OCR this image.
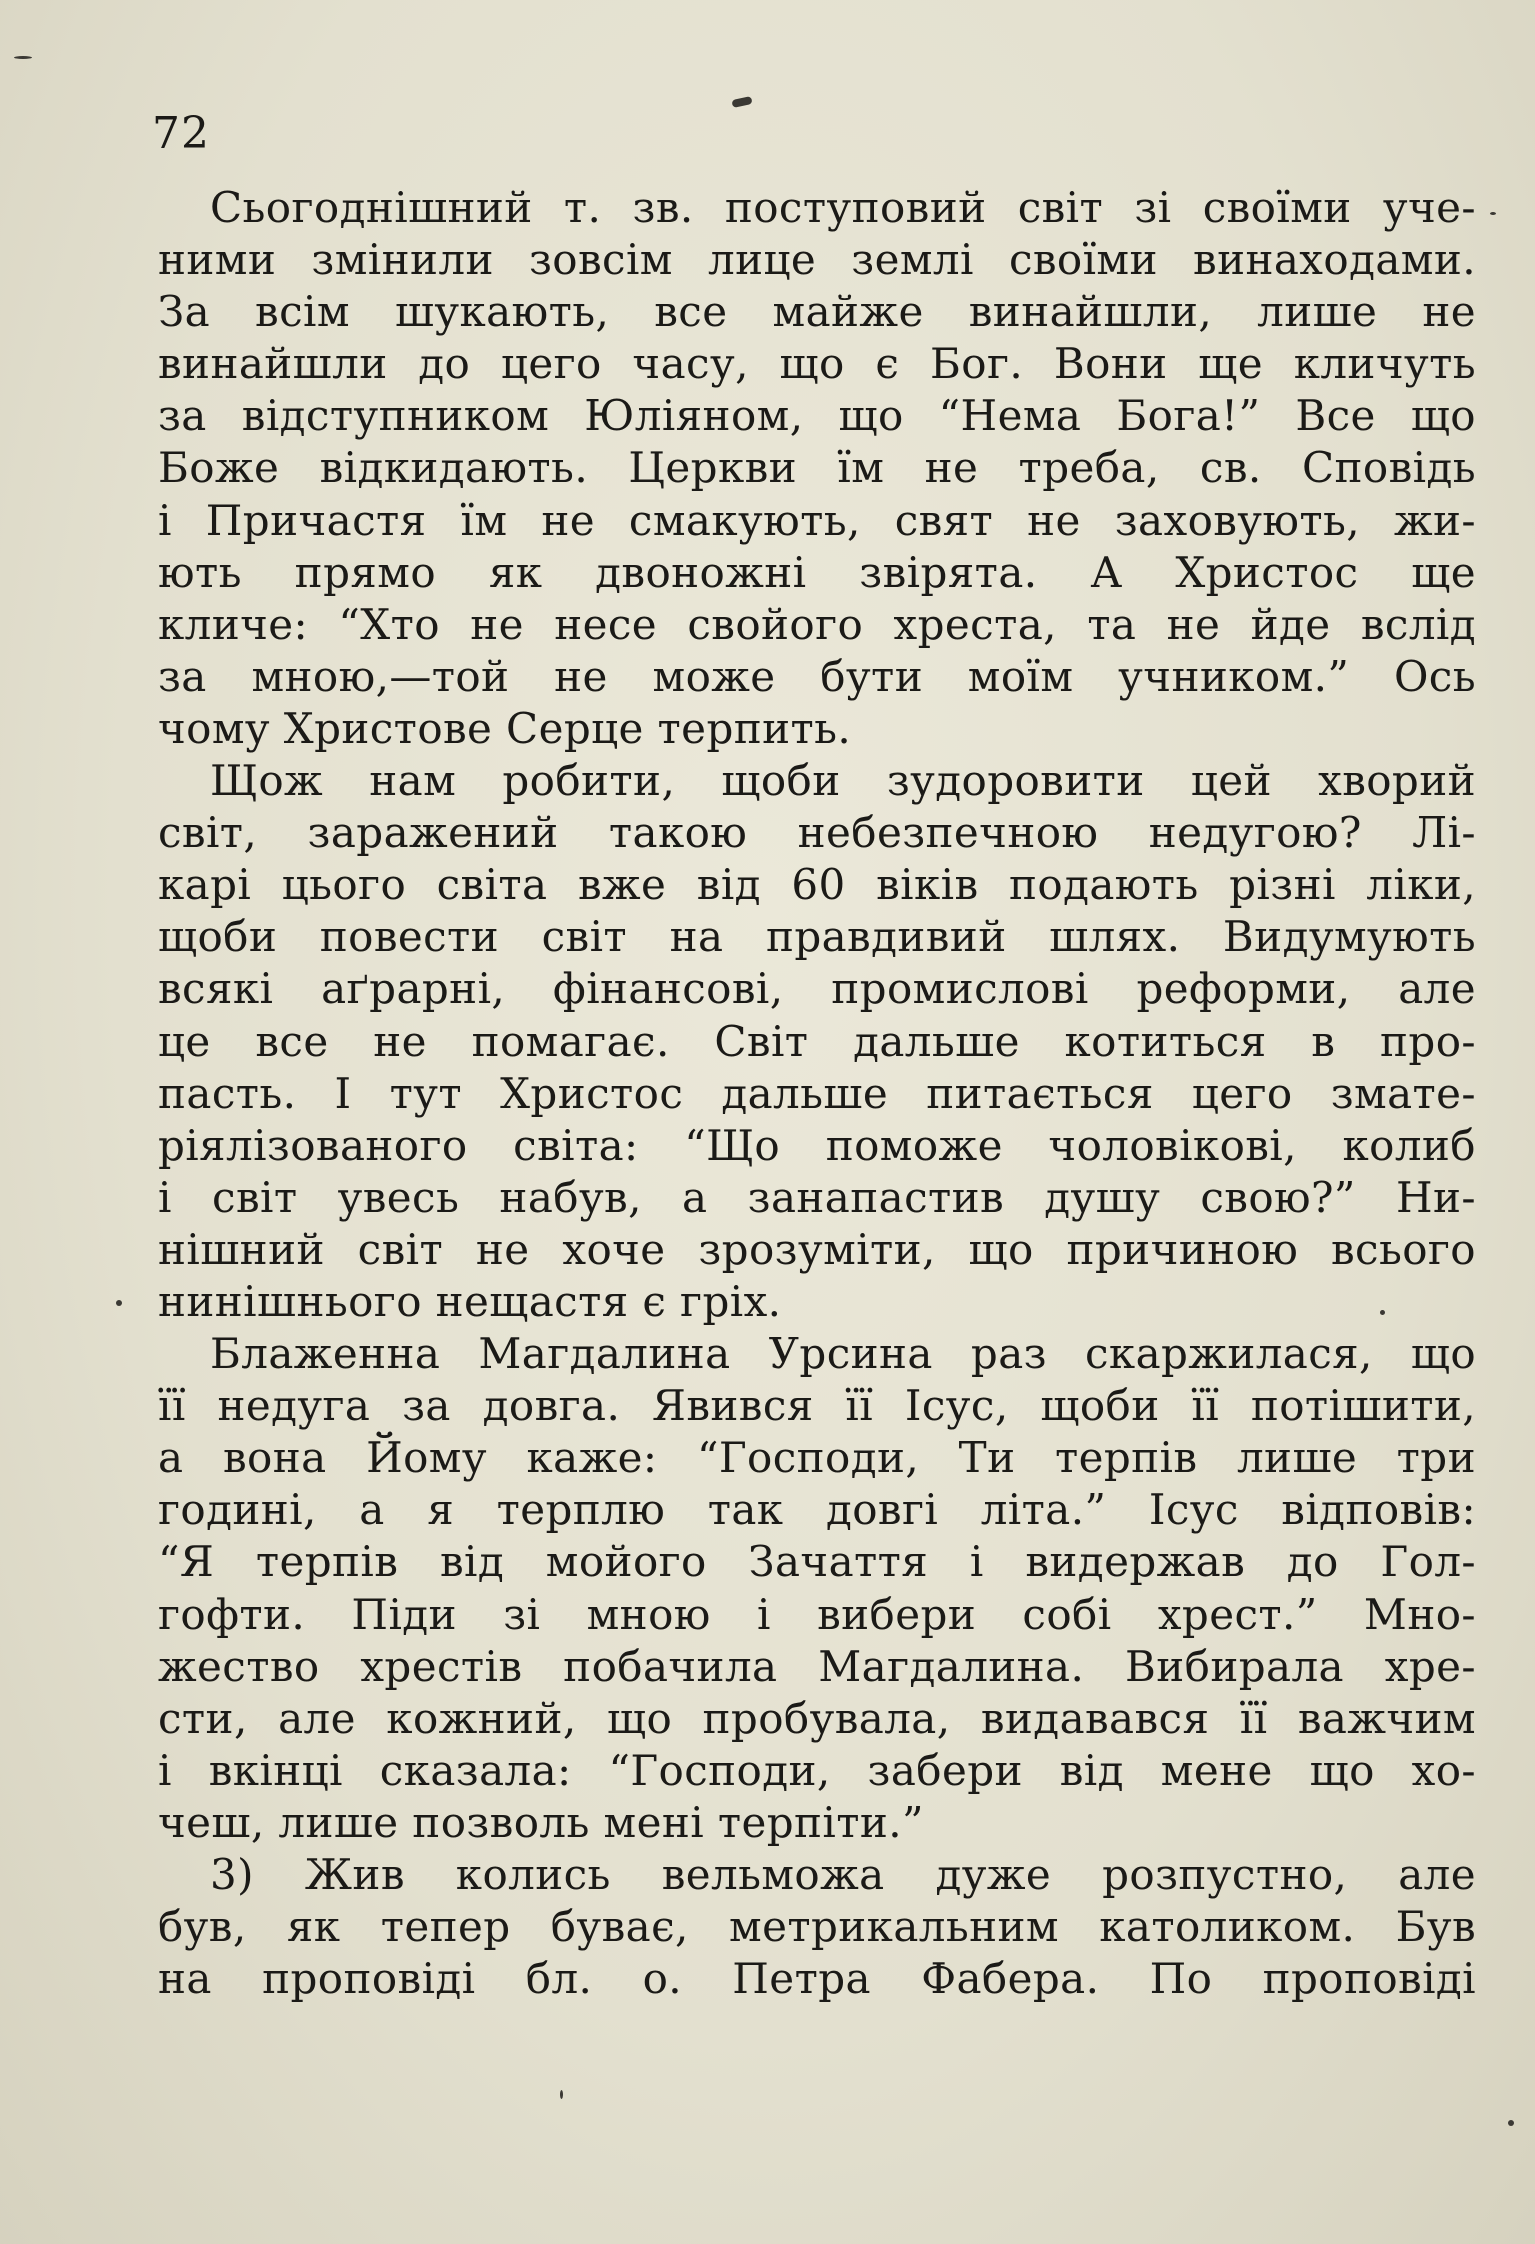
72
Сьогоднішний т. зв. поступовий світ зі своїми уче-
ними змінили зовсім лице землі своїми винаходами.
За всім шукають, все майже винайшли, лише не
винайшли до цего часу, що є Бог. Вони ще кличуть
за відступником Юліяном, що “Нема Бога!” Все що
Боже відкидають. Церкви їм не треба, св. Сповідь
і Причастя їм не смакують, свят не заховують, жи-
ють прямо як двоножні звірята. А Христос ще
кличе: “Хто не несе свойого хреста, та не йде вслід
за мною,—той не може бути моїм учником.” Ось
чому Христове Серце терпить.
Щож нам робити, щоби зудоровити цей хворий
світ, заражений такою небезпечною недугою? Лі-
карі цього світа вже від 60 віків подають різні ліки,
щоби повести світ на правдивий шлях. Видумують
всякі аґрарні, фінансові, промислові реформи, але
це все не помагає. Світ дальше котиться в про-
пасть. І тут Христос дальше питається цего змате-
ріялізованого світа: “Що поможе чоловікові, колиб
і світ увесь набув, а занапастив душу свою?” Ни-
нішний світ не хоче зрозуміти, що причиною всього
нинішнього нещастя є гріх.
Блаженна Магдалина Урсина раз скаржилася, що
її недуга за довга. Явився її Ісус, щоби її потішити,
а вона Йому каже: “Господи, Ти терпів лише три
годині, а я терплю так довгі літа.” Ісус відповів:
“Я терпів від мойого Зачаття і видержав до Гол-
гофти. Піди зі мною і вибери собі хрест.” Мно-
жество хрестів побачила Магдалина. Вибирала хре-
сти, але кожний, що пробувала, видавався її важчим
і вкінці сказала: “Господи, забери від мене що хо-
чеш, лише позволь мені терпіти.”
3) Жив колись вельможа дуже розпустно, але
був, як тепер буває, метрикальним католиком. Був
на проповіді бл. о. Петра Фабера. По проповіді
